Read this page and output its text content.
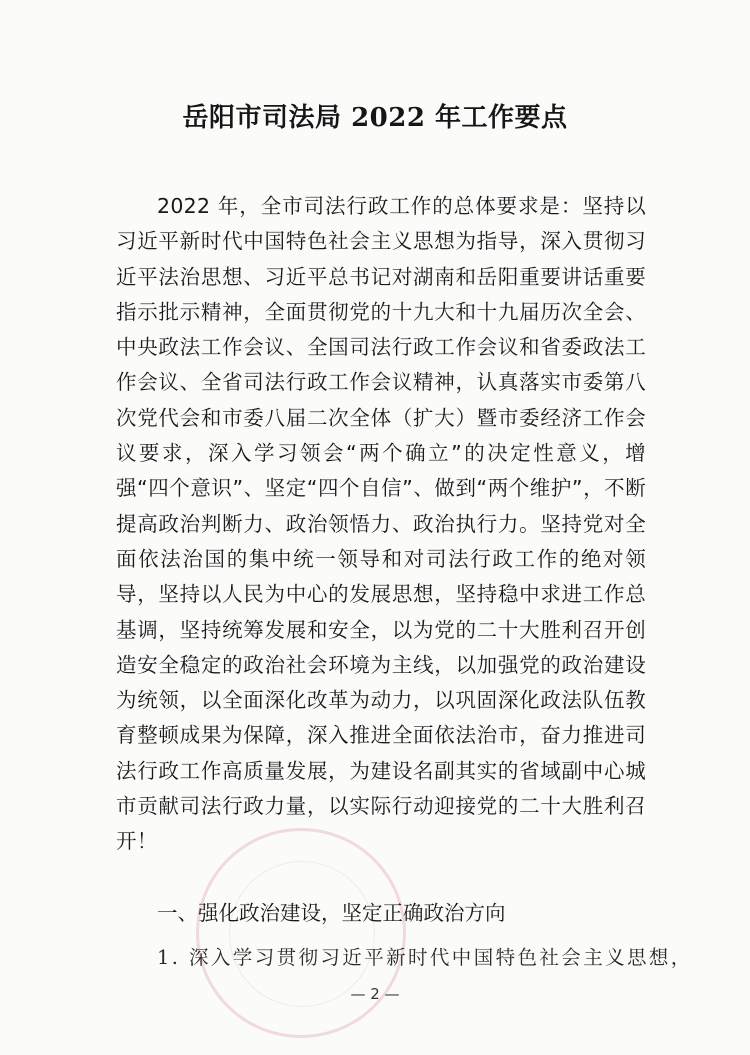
岳阳市司法局 2022 年工作要点

2022 年，全市司法行政工作的总体要求是：坚持以习近平新时代中国特色社会主义思想为指导，深入贯彻习近平法治思想、习近平总书记对湖南和岳阳重要讲话重要指示批示精神，全面贯彻党的十九大和十九届历次全会、中央政法工作会议、全国司法行政工作会议和省委政法工作会议、全省司法行政工作会议精神，认真落实市委第八次党代会和市委八届二次全体（扩大）暨市委经济工作会议要求，深入学习领会“两个确立”的决定性意义，增强“四个意识”、坚定“四个自信”、做到“两个维护”，不断提高政治判断力、政治领悟力、政治执行力。坚持党对全面依法治国的集中统一领导和对司法行政工作的绝对领导，坚持以人民为中心的发展思想，坚持稳中求进工作总基调，坚持统筹发展和安全，以为党的二十大胜利召开创造安全稳定的政治社会环境为主线，以加强党的政治建设为统领，以全面深化改革为动力，以巩固深化政法队伍教育整顿成果为保障，深入推进全面依法治市，奋力推进司法行政工作高质量发展，为建设名副其实的省域副中心城市贡献司法行政力量，以实际行动迎接党的二十大胜利召开！

一、强化政治建设，坚定正确政治方向

1. 深入学习贯彻习近平新时代中国特色社会主义思想，

— 2 —
